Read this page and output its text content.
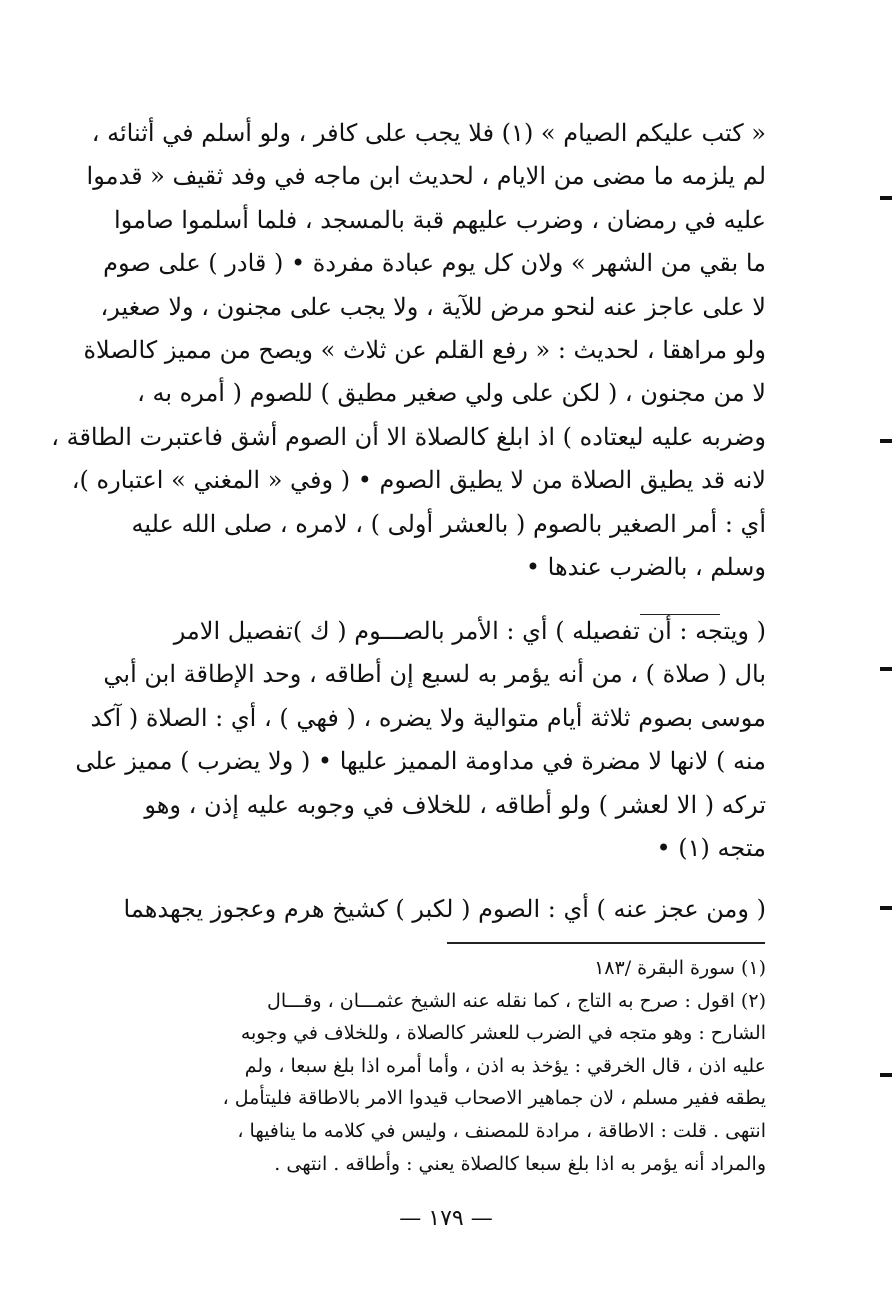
« كتب عليكم الصيام » (١) فلا يجب على كافر ، ولو أسلم في أثنائه ،
لم يلزمه ما مضى من الايام ، لحديث ابن ماجه في وفد ثقيف « قدموا
عليه في رمضان ، وضرب عليهم قبة بالمسجد ، فلما أسلموا صاموا
ما بقي من الشهر » ولان كل يوم عبادة مفردة • ( قادر ) على صوم
لا على عاجز عنه لنحو مرض للآية ، ولا يجب على مجنون ، ولا صغير،
ولو مراهقا ، لحديث : « رفع القلم عن ثلاث » ويصح من مميز كالصلاة
لا من مجنون ، ( لكن على ولي صغير مطيق ) للصوم ( أمره به ،
وضربه عليه ليعتاده ) اذ ابلغ كالصلاة الا أن الصوم أشق فاعتبرت الطاقة ،
لانه قد يطيق الصلاة من لا يطيق الصوم • ( وفي « المغني » اعتباره )،
أي : أمر الصغير بالصوم ( بالعشر أولى ) ، لامره ، صلى الله عليه
وسلم ، بالضرب عندها •
( ويتجه : أن تفصيله ) أي : الأمر بالصـــوم ( ك )تفصيل الامر
بال ( صلاة ) ، من أنه يؤمر به لسبع إن أطاقه ، وحد الإطاقة ابن أبي
موسى بصوم ثلاثة أيام متوالية ولا يضره ، ( فهي ) ، أي : الصلاة ( آكد
منه ) لانها لا مضرة في مداومة المميز عليها • ( ولا يضرب ) مميز على
تركه ( الا لعشر ) ولو أطاقه ، للخلاف في وجوبه عليه إذن ، وهو
متجه (١) •
( ومن عجز عنه ) أي : الصوم ( لكبر ) كشيخ هرم وعجوز يجهدهما
(١) سورة البقرة /١٨٣
(٢) اقول : صرح به التاج ، كما نقله عنه الشيخ عثمـــان ، وقـــال
الشارح : وهو متجه في الضرب للعشر كالصلاة ، وللخلاف في وجوبه
عليه اذن ، قال الخرقي : يؤخذ به اذن ، وأما أمره اذا بلغ سبعا ، ولم
يطقه ففير مسلم ، لان جماهير الاصحاب قيدوا الامر بالاطاقة فليتأمل ،
انتهى . قلت : الاطاقة ، مرادة للمصنف ، وليس في كلامه ما ينافيها ،
والمراد أنه يؤمر به اذا بلغ سبعا كالصلاة يعني : وأطاقه . انتهى .
— ١٧٩ —
